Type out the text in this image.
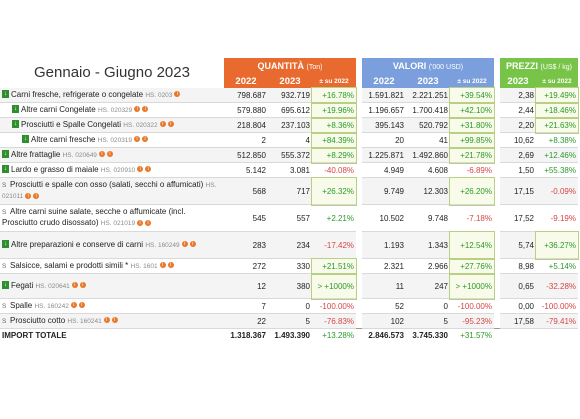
Gennaio - Giugno 2023	QUANTITÀ (Ton)
2022	2023	± su 2022
VALORI ('000 USD)
2022	2023	± su 2022
PREZZI (US$ / kg)
2023	± su 2022
↓ Carni fresche, refrigerate o congelate HS. 0203 i	798.687	932.719	+16.78%		1.591.821	2.221.251	+39.54%		2,38	+19.49%
↓ Altre carni Congelate HS. 020329 i i	579.880	695.612	+19.96%		1.196.657	1.700.418	+42.10%		2,44	+18.46%
↓ Prosciutti e Spalle Congelati HS. 020322 i i	218.804	237.103	+8.36%		395.143	520.792	+31.80%		2,20	+21.63%
↓ Altre carni fresche HS. 020319 i i	2	4	+84.39%		20	41	+99.85%		10,62	+8.38%
↓ Altre frattaglie HS. 020649 i i	512.850	555.372	+8.29%		1.225.871	1.492.860	+21.78%		2,69	+12.46%
↓ Lardo e grasso di maiale HS. 020910 i i	5.142	3.081	-40.08%		4.949	4.608	-6.89%		1,50	+55.38%
S Prosciutti e spalle con osso (salati, secchi o affumicati) HS. 021011 i i	568	717	+26.32%		9.749	12.303	+26.20%		17,15	-0.09%
S Altre carni suine salate, secche o affumicate (incl. Prosciutto crudo disossato) HS. 021019 i i	545	557	+2.21%		10.502	9.748	-7.18%		17,52	-9.19%
↓ Altre preparazioni e conserve di carni HS. 160249 i i	283	234	-17.42%		1.193	1.343	+12.54%		5,74	+36.27%
S Salsicce, salami e prodotti simili * HS. 1601 i i	272	330	+21.51%		2.321	2.966	+27.76%		8,98	+5.14%
↓ Fegati HS. 020641 i i	12	380	> +1000%		11	247	> +1000%		0,65	-32.28%
S Spalle HS. 160242 i i	7	0	-100.00%		52	0	-100.00%		0,00	-100.00%
S Prosciutto cotto HS. 160241 i i	22	5	-76.83%		102	5	-95.23%		17,58	-79.41%
IMPORT TOTALE	1.318.367	1.493.390	+13.28%		2.846.573	3.745.330	+31.57%			
